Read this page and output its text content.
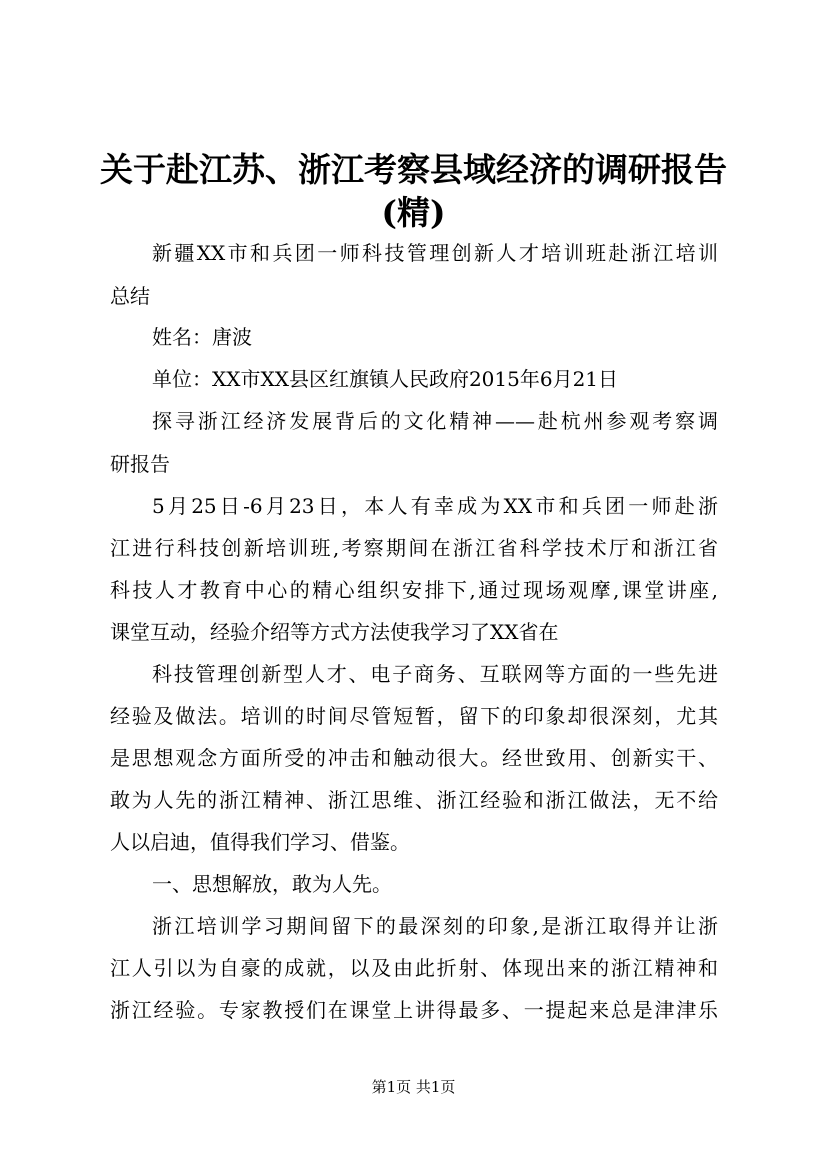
关于赴江苏、浙江考察县域经济的调研报告
(精)
新疆XX市和兵团一师科技管理创新人才培训班赴浙江培训
总结
姓名：唐波
单位：XX市XX县区红旗镇人民政府2015年6月21日
探寻浙江经济发展背后的文化精神——赴杭州参观考察调
研报告
5月25日-6月23日，本人有幸成为XX市和兵团一师赴浙
江进行科技创新培训班,考察期间在浙江省科学技术厅和浙江省
科技人才教育中心的精心组织安排下,通过现场观摩,课堂讲座,
课堂互动，经验介绍等方式方法使我学习了XX省在
科技管理创新型人才、电子商务、互联网等方面的一些先进
经验及做法。培训的时间尽管短暂，留下的印象却很深刻，尤其
是思想观念方面所受的冲击和触动很大。经世致用、创新实干、
敢为人先的浙江精神、浙江思维、浙江经验和浙江做法，无不给
人以启迪，值得我们学习、借鉴。
一、思想解放，敢为人先。
浙江培训学习期间留下的最深刻的印象,是浙江取得并让浙
江人引以为自豪的成就，以及由此折射、体现出来的浙江精神和
浙江经验。专家教授们在课堂上讲得最多、一提起来总是津津乐
第1页 共1页
